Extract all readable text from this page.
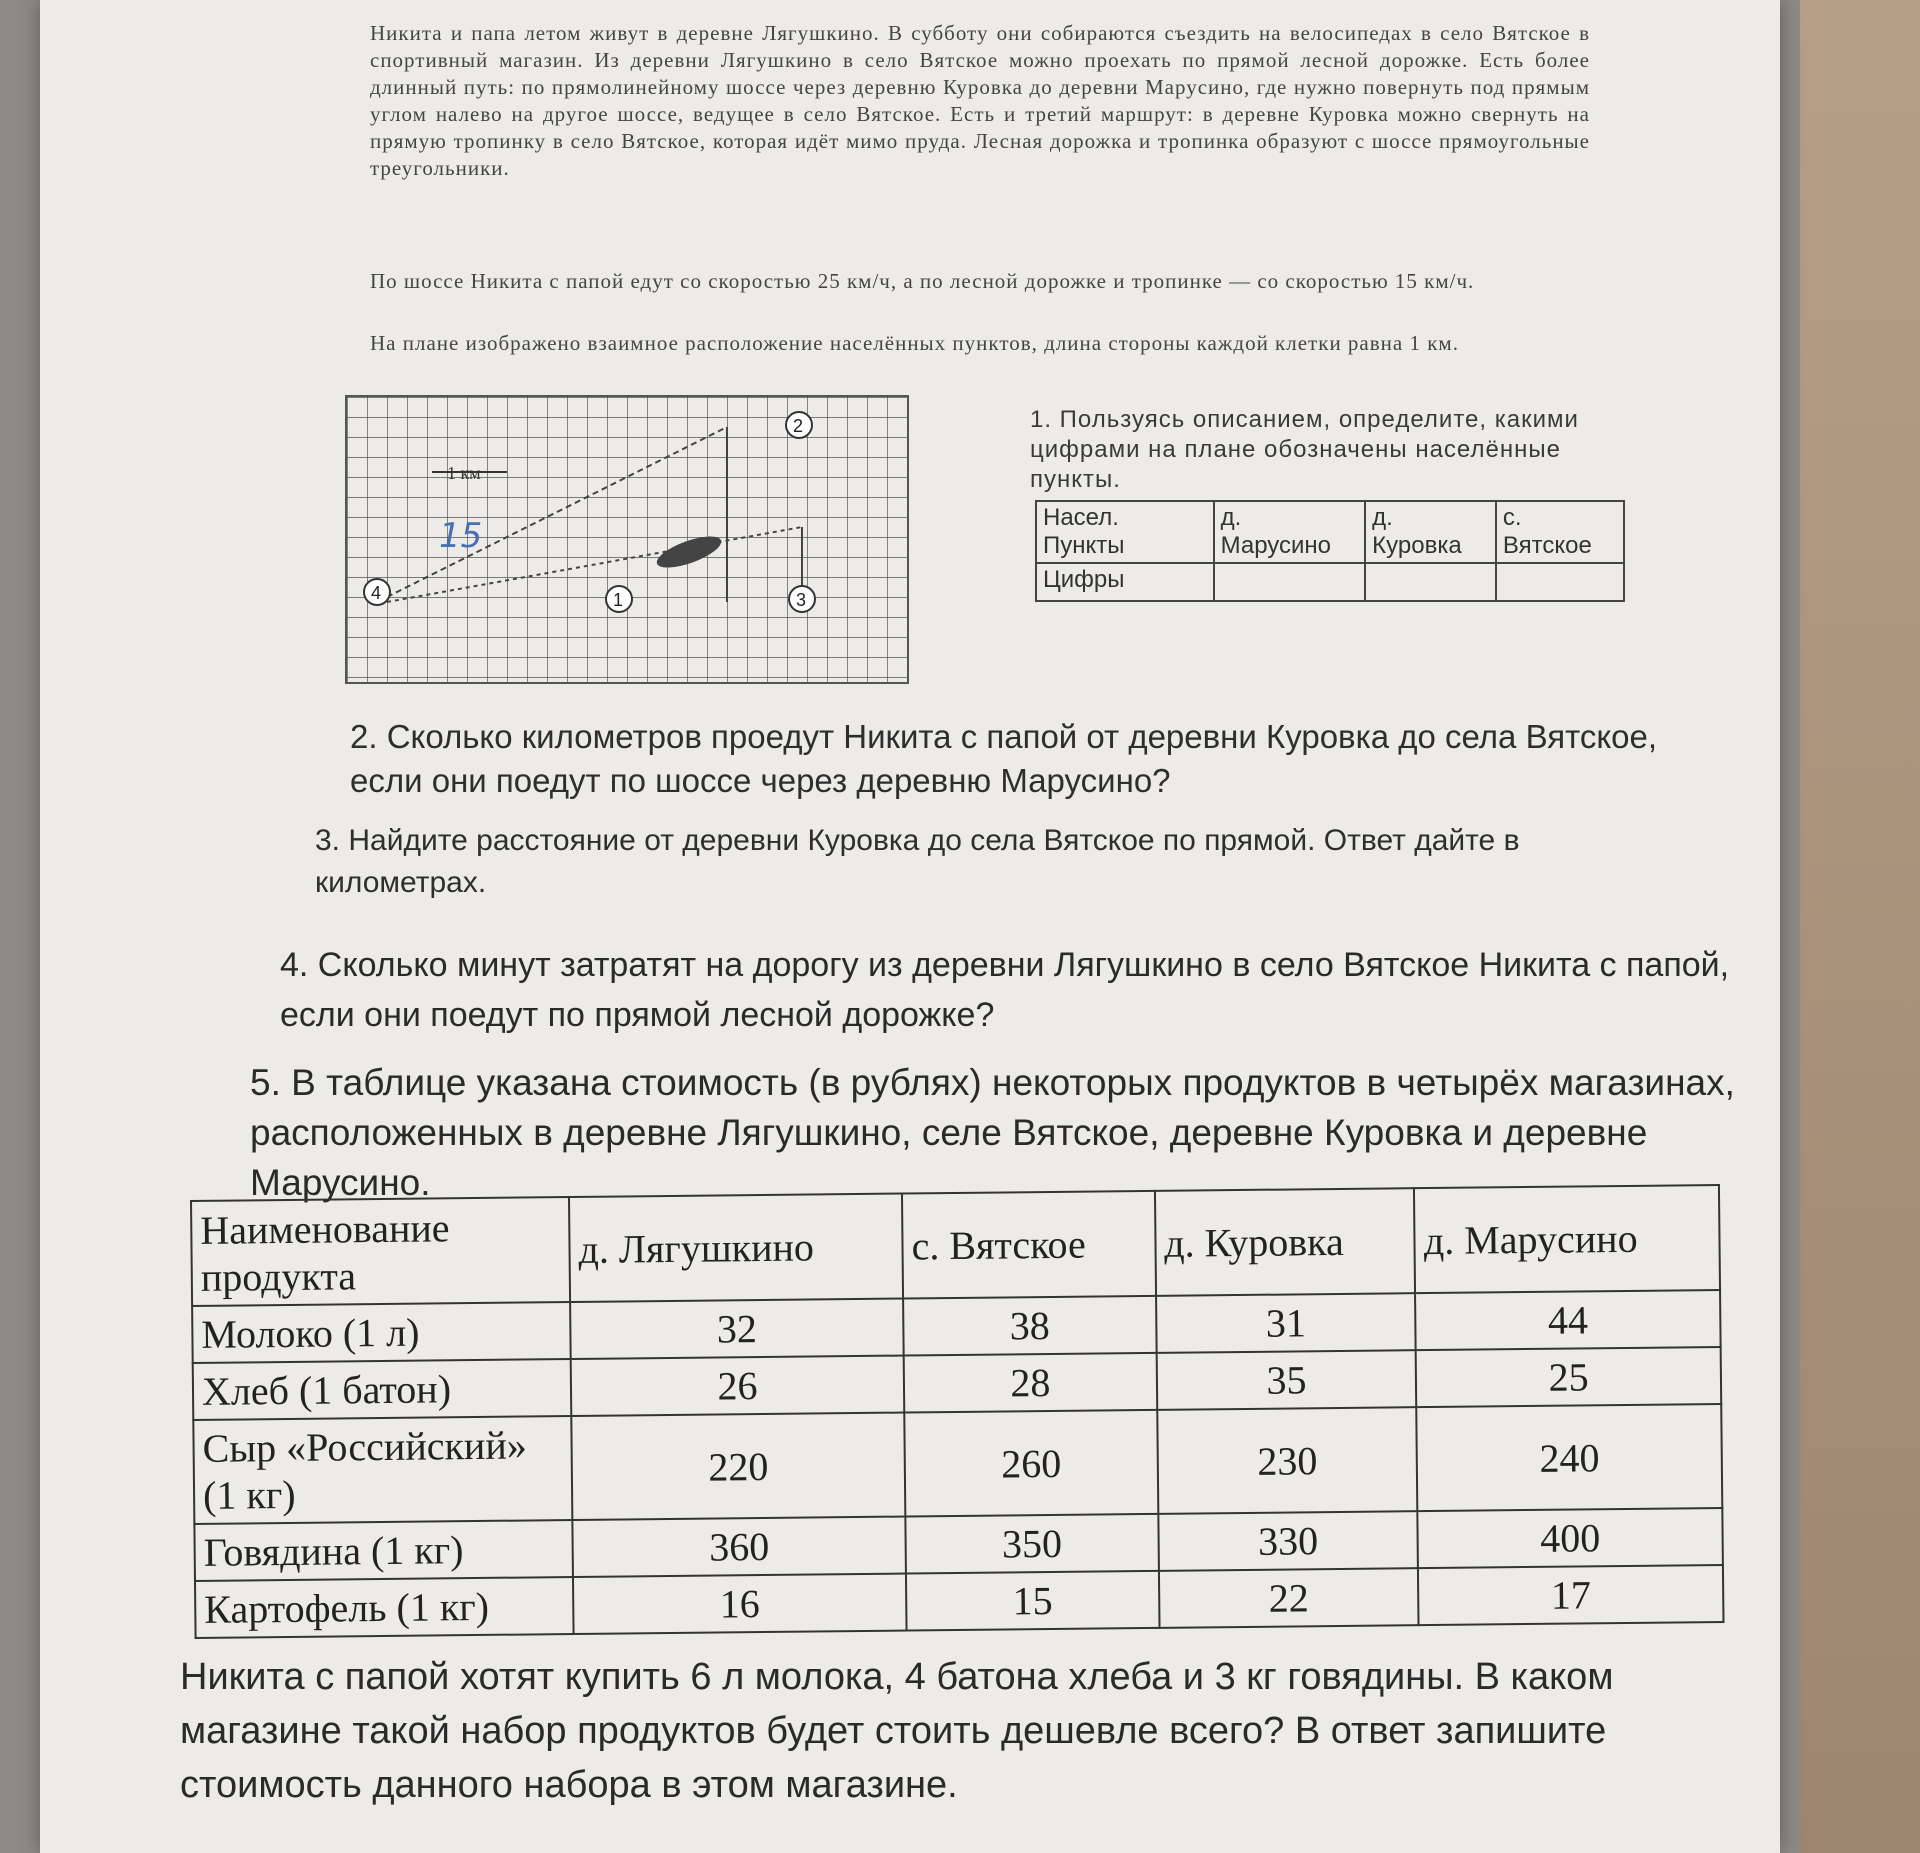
Никита и папа летом живут в деревне Лягушкино. В субботу они собираются съездить на велосипедах в село Вятское в спортивный магазин. Из деревни Лягушкино в село Вятское можно проехать по прямой лесной дорожке. Есть более длинный путь: по прямолинейному шоссе через деревню Куровка до деревни Марусино, где нужно повернуть под прямым углом налево на другое шоссе, ведущее в село Вятское. Есть и третий маршрут: в деревне Куровка можно свернуть на прямую тропинку в село Вятское, которая идёт мимо пруда. Лесная дорожка и тропинка образуют с шоссе прямоугольные треугольники.

По шоссе Никита с папой едут со скоростью 25 км/ч, а по лесной дорожке и тропинке — со скоростью 15 км/ч.

На плане изображено взаимное расположение населённых пунктов, длина стороны каждой клетки равна 1 км.

1 км
15
2
4	1	3

1. Пользуясь описанием, определите, какими цифрами на плане обозначены населённые пункты.

Насел. Пункты	д. Марусино	д. Куровка	с. Вятское
Цифры			

2. Сколько километров проедут Никита с папой от деревни Куровка до села Вятское, если они поедут по шоссе через деревню Марусино?

3. Найдите расстояние от деревни Куровка до села Вятское по прямой. Ответ дайте в километрах.

4. Сколько минут затратят на дорогу из деревни Лягушкино в село Вятское Никита с папой, если они поедут по прямой лесной дорожке?

5. В таблице указана стоимость (в рублях) некоторых продуктов в четырёх магазинах, расположенных в деревне Лягушкино, селе Вятское, деревне Куровка и деревне Марусино.

Наименование продукта	д. Лягушкино	с. Вятское	д. Куровка	д. Марусино
Молоко (1 л)	32	38	31	44
Хлеб (1 батон)	26	28	35	25
Сыр «Российский» (1 кг)	220	260	230	240
Говядина (1 кг)	360	350	330	400
Картофель (1 кг)	16	15	22	17

Никита с папой хотят купить 6 л молока, 4 батона хлеба и 3 кг говядины. В каком магазине такой набор продуктов будет стоить дешевле всего? В ответ запишите стоимость данного набора в этом магазине.
